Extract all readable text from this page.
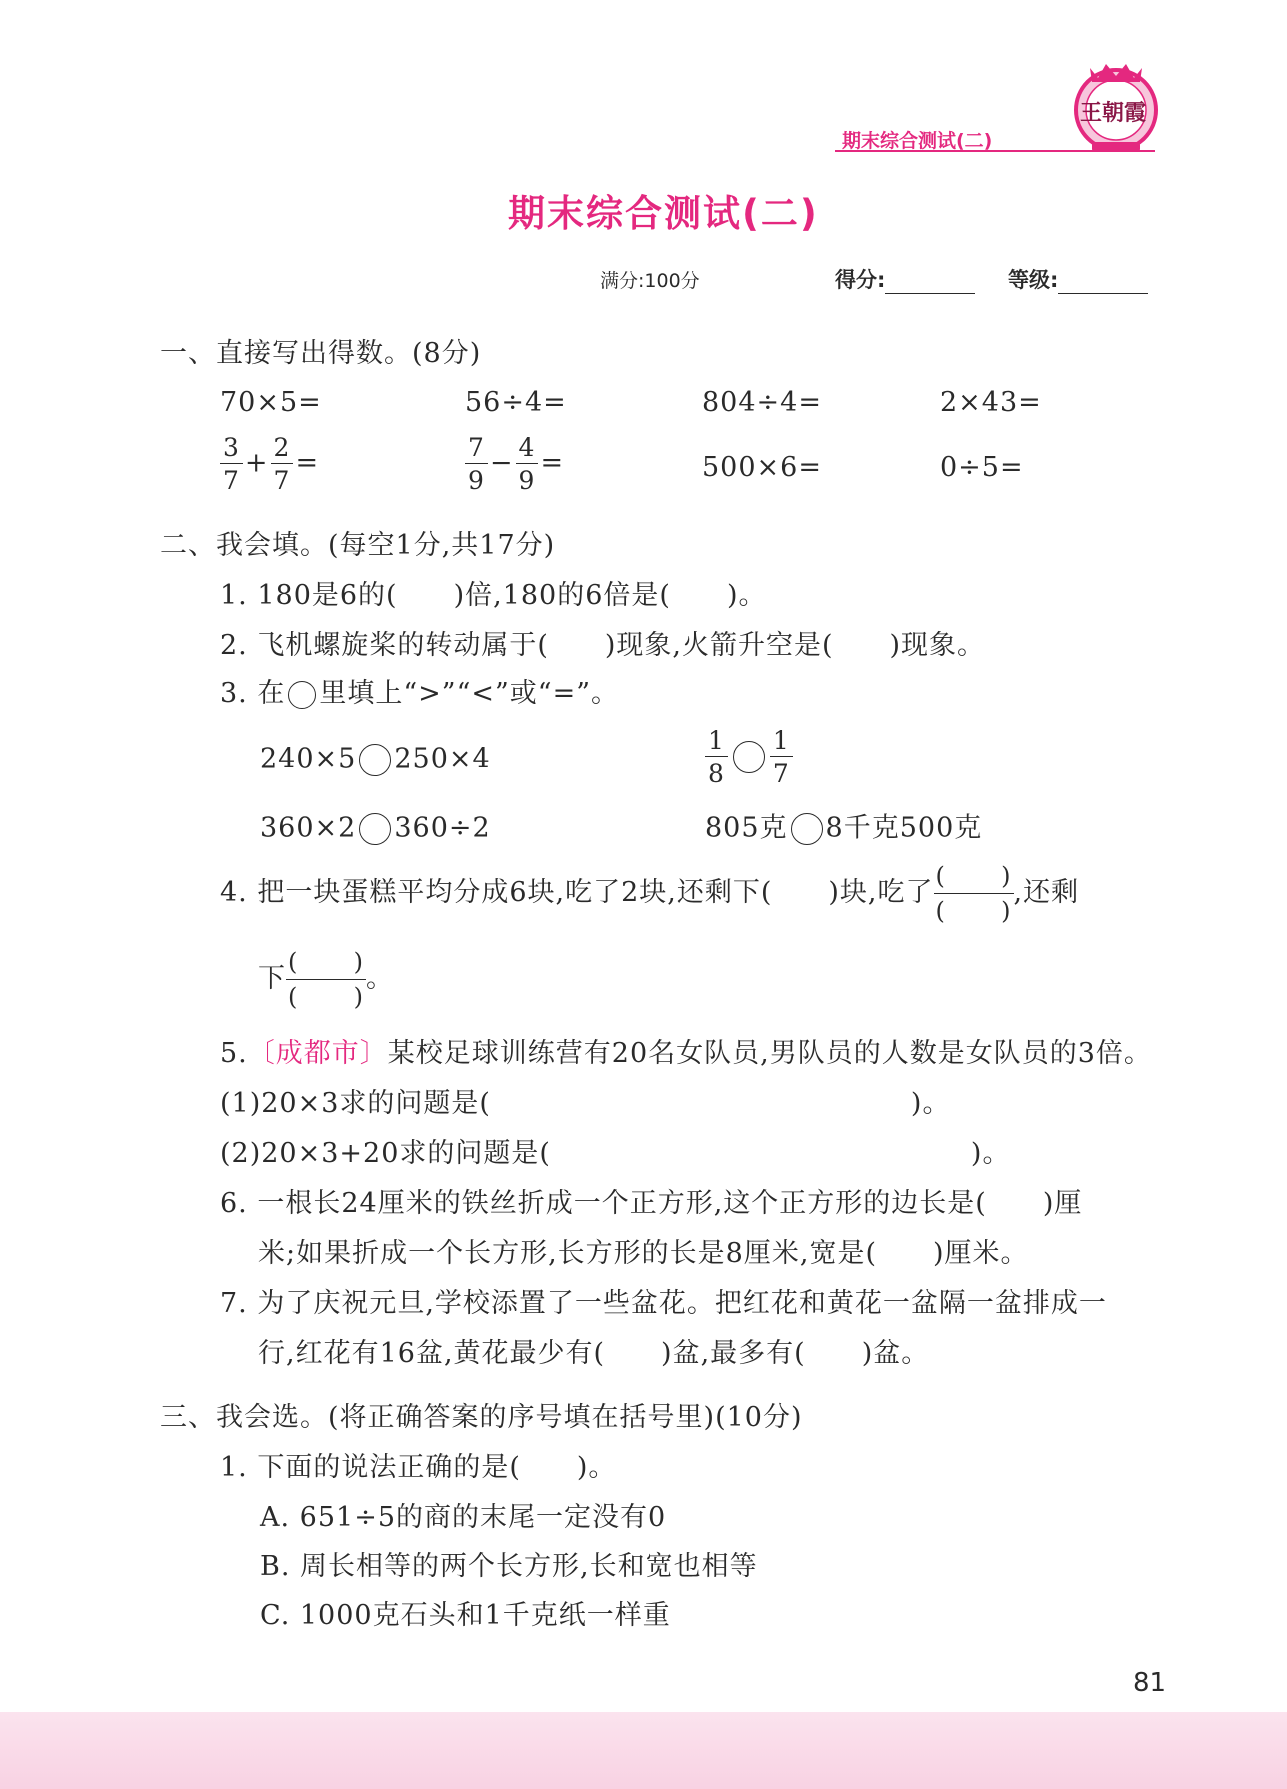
期末综合测试(二)
王朝霞
期末综合测试(二)
满分:100分	得分:	等级:
一、直接写出得数。(8分)
70×5=	56÷4=	804÷4=	2×43=
$\frac{3}{7} + \frac{2}{7}$ =	$\frac{7}{9} - \frac{4}{9}$ =	500×6=	0÷5=
二、我会填。(每空1分,共17分)
1. 180是6的(　　)倍,180的6倍是(　　)。
2. 飞机螺旋桨的转动属于(　　)现象,火箭升空是(　　)现象。
3. 在 里填上“>”“<”或“=”。
240×5 250×4	$\frac{1}{8} \frac{1}{7}$
360×2 360÷2	805克 8千克500克
4. 把一块蛋糕平均分成6块,吃了2块,还剩下(　　)块,吃了 $\frac{( )}{( )}$ ,还剩
下 $\frac{( )}{( )}$ 。
5.〔成都市〕某校足球训练营有20名女队员,男队员的人数是女队员的3倍。
(1)20×3求的问题是(　　　　　　　　　　　　　　　)。
(2)20×3+20求的问题是(　　　　　　　　　　　　　　　)。
6. 一根长24厘米的铁丝折成一个正方形,这个正方形的边长是(　　)厘
米;如果折成一个长方形,长方形的长是8厘米,宽是(　　)厘米。
7. 为了庆祝元旦,学校添置了一些盆花。把红花和黄花一盆隔一盆排成一
行,红花有16盆,黄花最少有(　　)盆,最多有(　　)盆。
三、我会选。(将正确答案的序号填在括号里)(10分)
1. 下面的说法正确的是(　　)。
A. 651÷5的商的末尾一定没有0
B. 周长相等的两个长方形,长和宽也相等
C. 1000克石头和1千克纸一样重
81
